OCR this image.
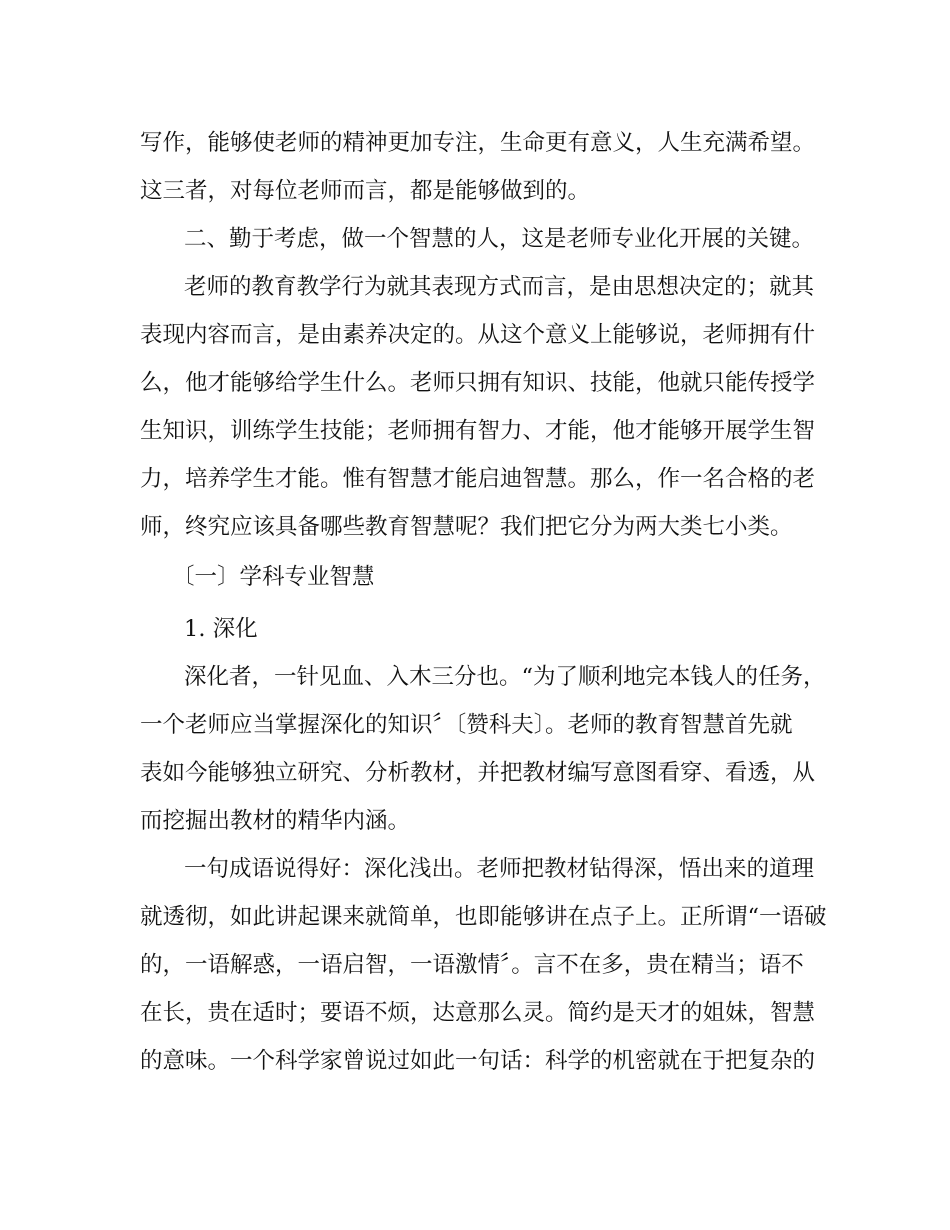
写作，能够使老师的精神更加专注，生命更有意义，人生充满希望。
这三者，对每位老师而言，都是能够做到的。
二、勤于考虑，做一个智慧的人，这是老师专业化开展的关键。
老师的教育教学行为就其表现方式而言，是由思想决定的；就其
表现内容而言，是由素养决定的。从这个意义上能够说，老师拥有什
么，他才能够给学生什么。老师只拥有知识、技能，他就只能传授学
生知识，训练学生技能；老师拥有智力、才能，他才能够开展学生智
力，培养学生才能。惟有智慧才能启迪智慧。那么，作一名合格的老
师，终究应该具备哪些教育智慧呢？我们把它分为两大类七小类。
〔一〕学科专业智慧
1. 深化
深化者，一针见血、入木三分也。“为了顺利地完本钱人的任务，
一个老师应当掌握深化的知识〞〔赞科夫〕。老师的教育智慧首先就
表如今能够独立研究、分析教材，并把教材编写意图看穿、看透，从
而挖掘出教材的精华内涵。
一句成语说得好：深化浅出。老师把教材钻得深，悟出来的道理
就透彻，如此讲起课来就简单，也即能够讲在点子上。正所谓“一语破
的，一语解惑，一语启智，一语激情〞。言不在多，贵在精当；语不
在长，贵在适时；要语不烦，达意那么灵。简约是天才的姐妹，智慧
的意味。一个科学家曾说过如此一句话：科学的机密就在于把复杂的
